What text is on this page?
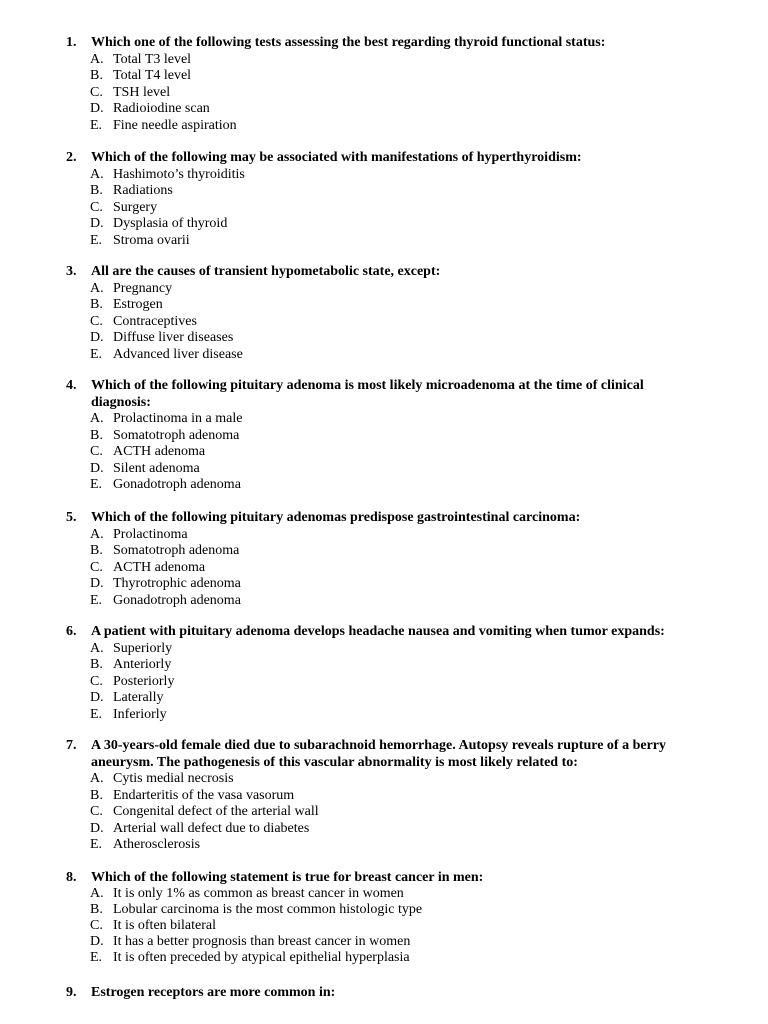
1. Which one of the following tests assessing the best regarding thyroid functional status:
A. Total T3 level
B. Total T4 level
C. TSH level
D. Radioiodine scan
E. Fine needle aspiration
2. Which of the following may be associated with manifestations of hyperthyroidism:
A. Hashimoto’s thyroiditis
B. Radiations
C. Surgery
D. Dysplasia of thyroid
E. Stroma ovarii
3. All are the causes of transient hypometabolic state, except:
A. Pregnancy
B. Estrogen
C. Contraceptives
D. Diffuse liver diseases
E. Advanced liver disease
4. Which of the following pituitary adenoma is most likely microadenoma at the time of clinical diagnosis:
A. Prolactinoma in a male
B. Somatotroph adenoma
C. ACTH adenoma
D. Silent adenoma
E. Gonadotroph adenoma
5. Which of the following pituitary adenomas predispose gastrointestinal carcinoma:
A. Prolactinoma
B. Somatotroph adenoma
C. ACTH adenoma
D. Thyrotrophic adenoma
E. Gonadotroph adenoma
6. A patient with pituitary adenoma develops headache nausea and vomiting when tumor expands:
A. Superiorly
B. Anteriorly
C. Posteriorly
D. Laterally
E. Inferiorly
7. A 30-years-old female died due to subarachnoid hemorrhage. Autopsy reveals rupture of a berry aneurysm. The pathogenesis of this vascular abnormality is most likely related to:
A. Cytis medial necrosis
B. Endarteritis of the vasa vasorum
C. Congenital defect of the arterial wall
D. Arterial wall defect due to diabetes
E. Atherosclerosis
8. Which of the following statement is true for breast cancer in men:
A. It is only 1% as common as breast cancer in women
B. Lobular carcinoma is the most common histologic type
C. It is often bilateral
D. It has a better prognosis than breast cancer in women
E. It is often preceded by atypical epithelial hyperplasia
9. Estrogen receptors are more common in:
